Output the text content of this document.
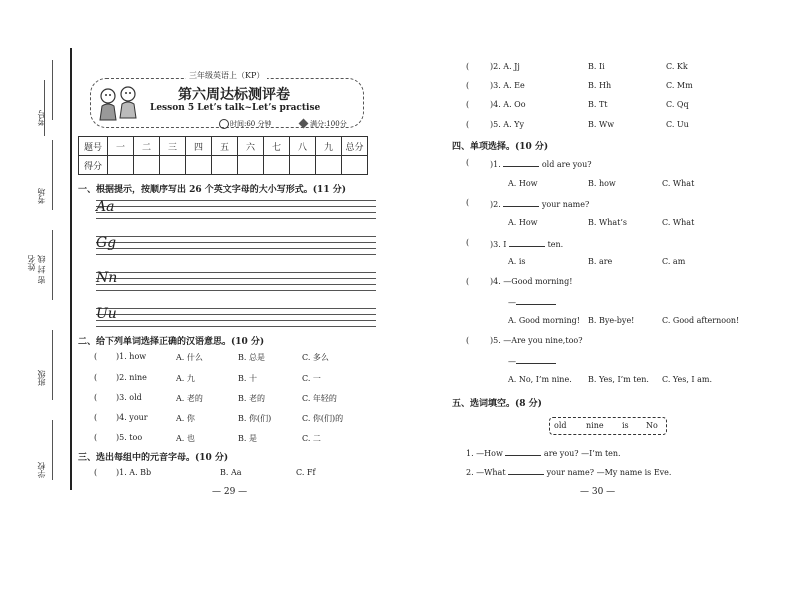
考号
考场
姓名 密 封 线
班级
学校
三年级英语上（KP）
第六周达标测评卷
Lesson 5 Let’s talk~Let’s practise
时间:60 分钟	满分:100分
题号	一	二	三	四	五	六	七	八	九	总分
得分										
一、根据提示，按顺序写出 26 个英文字母的大小写形式。(11 分)
Aa
Gg
Nn
Uu
二、给下列单词选择正确的汉语意思。(10 分)
( )1. how	A. 什么	B. 总是	C. 多么
( )2. nine	A. 九	B. 十	C. 一
( )3. old	A. 老的	B. 老的	C. 年轻的
( )4. your	A. 你	B. 你(们)	C. 你(们)的
( )5. too	A. 也	B. 是	C. 二
三、选出每组中的元音字母。(10 分)
( )1. A. Bb	B. Aa	C. Ff
— 29 —
(	)2. A. Jj	B. Ii	C. Kk
(	)3. A. Ee	B. Hh	C. Mm
(	)4. A. Oo	B. Tt	C. Qq
(	)5. A. Yy	B. Ww	C. Uu
四、单项选择。(10 分)
(	)1.	old are you?
A. How	B. how	C. What
(	)2.	your name?
A. How	B. What’s	C. What
(	)3. I	ten.
A. is	B. are	C. am
(	)4. —Good morning!
—
A. Good morning! B. Bye-bye!	C. Good afternoon!
(	)5. —Are you nine,too?
—
A. No, I’m nine. B. Yes, I’m ten. C. Yes, I am.
五、选词填空。(8 分)
old nine is No
1. —How	are you? —I’m ten.
2. —What	your name? —My name is Eve.
— 30 —
